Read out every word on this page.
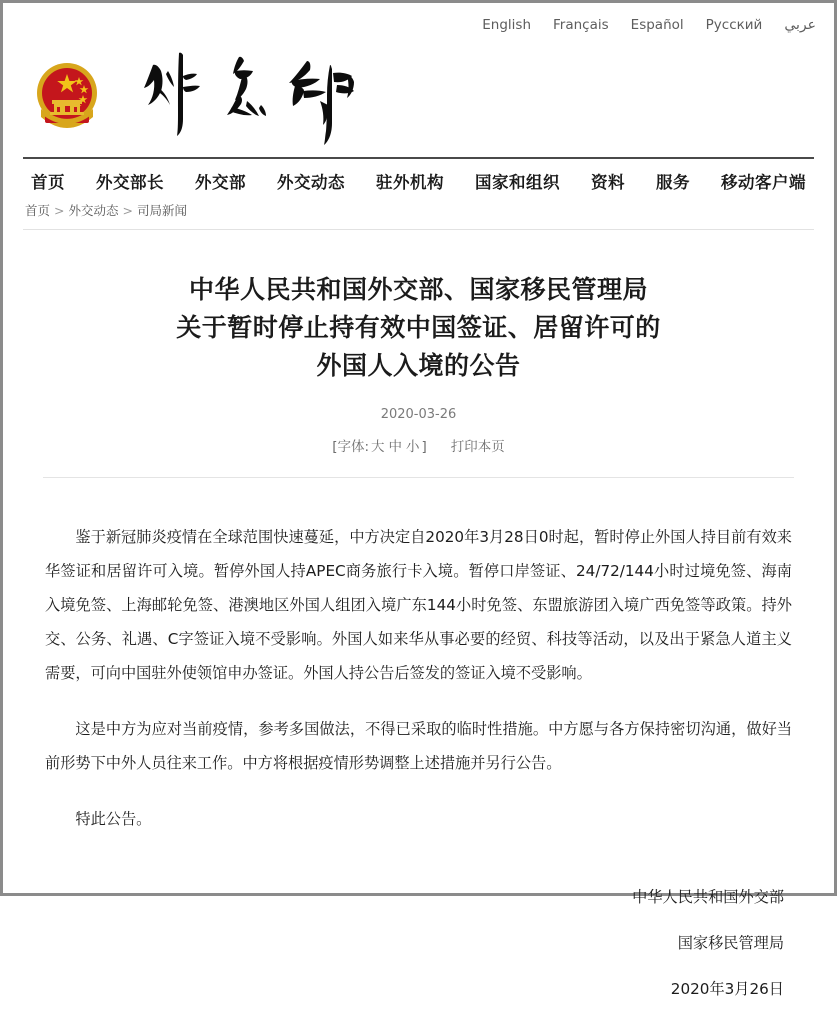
English Français Español Русский عربي
首页 外交部长 外交部 外交动态 驻外机构 国家和组织 资料 服务 移动客户端
首页 > 外交动态 > 司局新闻
中华人民共和国外交部、国家移民管理局
关于暂时停止持有效中国签证、居留许可的
外国人入境的公告
2020-03-26
[字体: 大 中 小 ] 打印本页

鉴于新冠肺炎疫情在全球范围快速蔓延，中方决定自2020年3月28日0时起，暂时停止外国人持目前有效来华签证和居留许可入境。暂停外国人持APEC商务旅行卡入境。暂停口岸签证、24/72/144小时过境免签、海南入境免签、上海邮轮免签、港澳地区外国人组团入境广东144小时免签、东盟旅游团入境广西免签等政策。持外交、公务、礼遇、C字签证入境不受影响。外国人如来华从事必要的经贸、科技等活动，以及出于紧急人道主义需要，可向中国驻外使领馆申办签证。外国人持公告后签发的签证入境不受影响。

这是中方为应对当前疫情，参考多国做法，不得已采取的临时性措施。中方愿与各方保持密切沟通，做好当前形势下中外人员往来工作。中方将根据疫情形势调整上述措施并另行公告。

特此公告。

中华人民共和国外交部
国家移民管理局
2020年3月26日
